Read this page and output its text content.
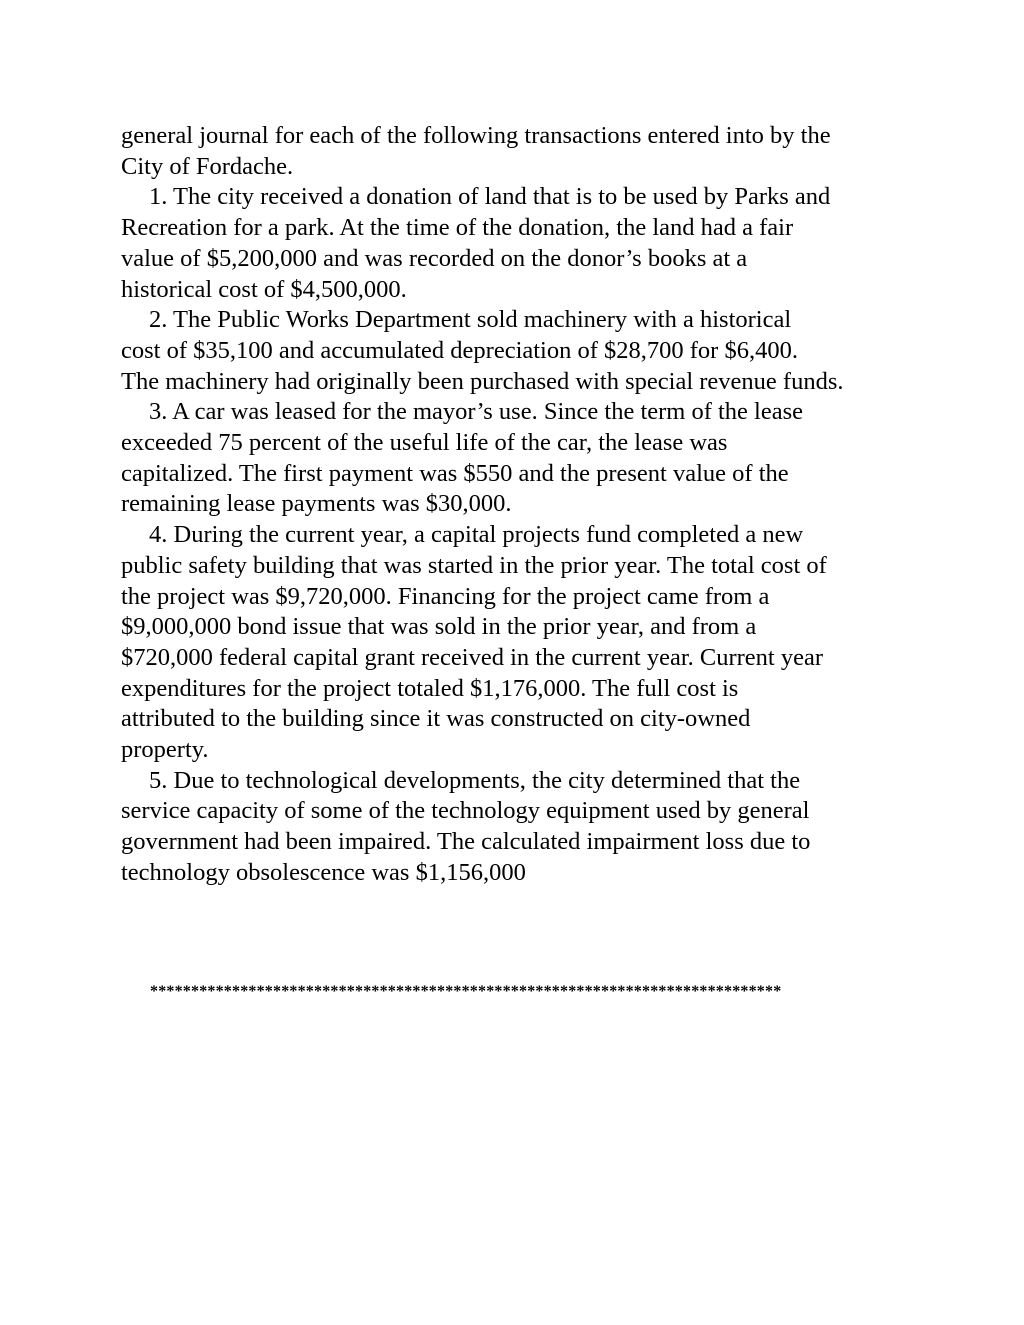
general journal for each of the following transactions entered into by the
City of Fordache.
1. The city received a donation of land that is to be used by Parks and
Recreation for a park. At the time of the donation, the land had a fair
value of $5,200,000 and was recorded on the donor’s books at a
historical cost of $4,500,000.
2. The Public Works Department sold machinery with a historical
cost of $35,100 and accumulated depreciation of $28,700 for $6,400.
The machinery had originally been purchased with special revenue funds.
3. A car was leased for the mayor’s use. Since the term of the lease
exceeded 75 percent of the useful life of the car, the lease was
capitalized. The first payment was $550 and the present value of the
remaining lease payments was $30,000.
4. During the current year, a capital projects fund completed a new
public safety building that was started in the prior year. The total cost of
the project was $9,720,000. Financing for the project came from a
$9,000,000 bond issue that was sold in the prior year, and from a
$720,000 federal capital grant received in the current year. Current year
expenditures for the project totaled $1,176,000. The full cost is
attributed to the building since it was constructed on city-owned
property.
5. Due to technological developments, the city determined that the
service capacity of some of the technology equipment used by general
government had been impaired. The calculated impairment loss due to
technology obsolescence was $1,156,000
*****************************************************************************
